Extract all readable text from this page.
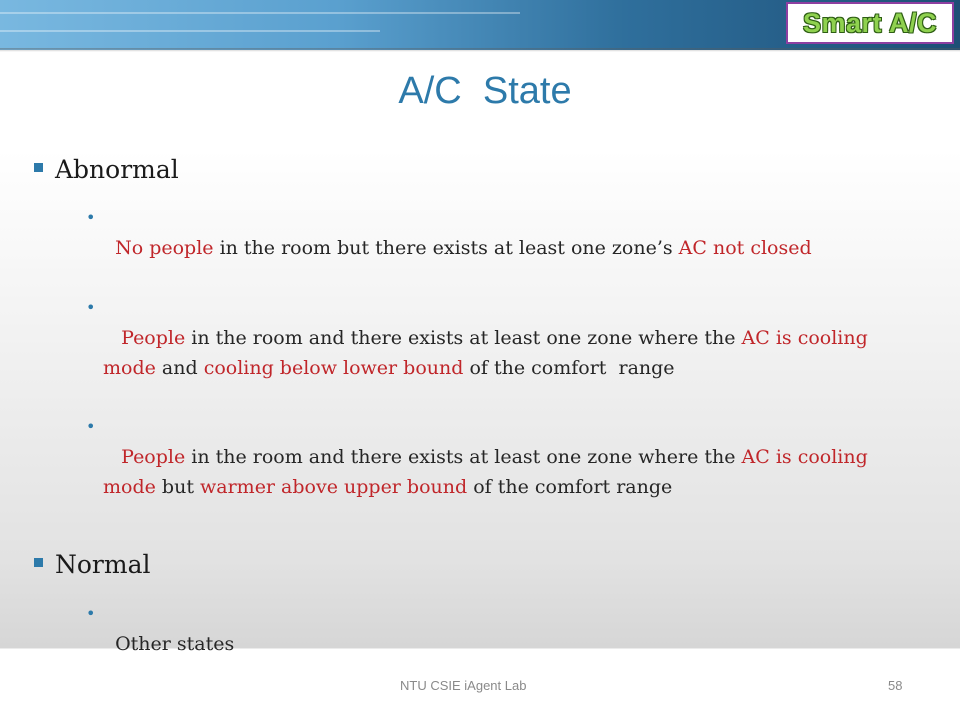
Smart A/C
A/C  State
Abnormal

•
No people in the room but there exists at least one zone’s AC not closed

•
People in the room and there exists at least one zone where the AC is cooling mode and cooling below lower bound of the comfort  range

•
People in the room and there exists at least one zone where the AC is cooling mode but warmer above upper bound of the comfort range

Normal

•
Other states

NTU CSIE iAgent Lab	58
